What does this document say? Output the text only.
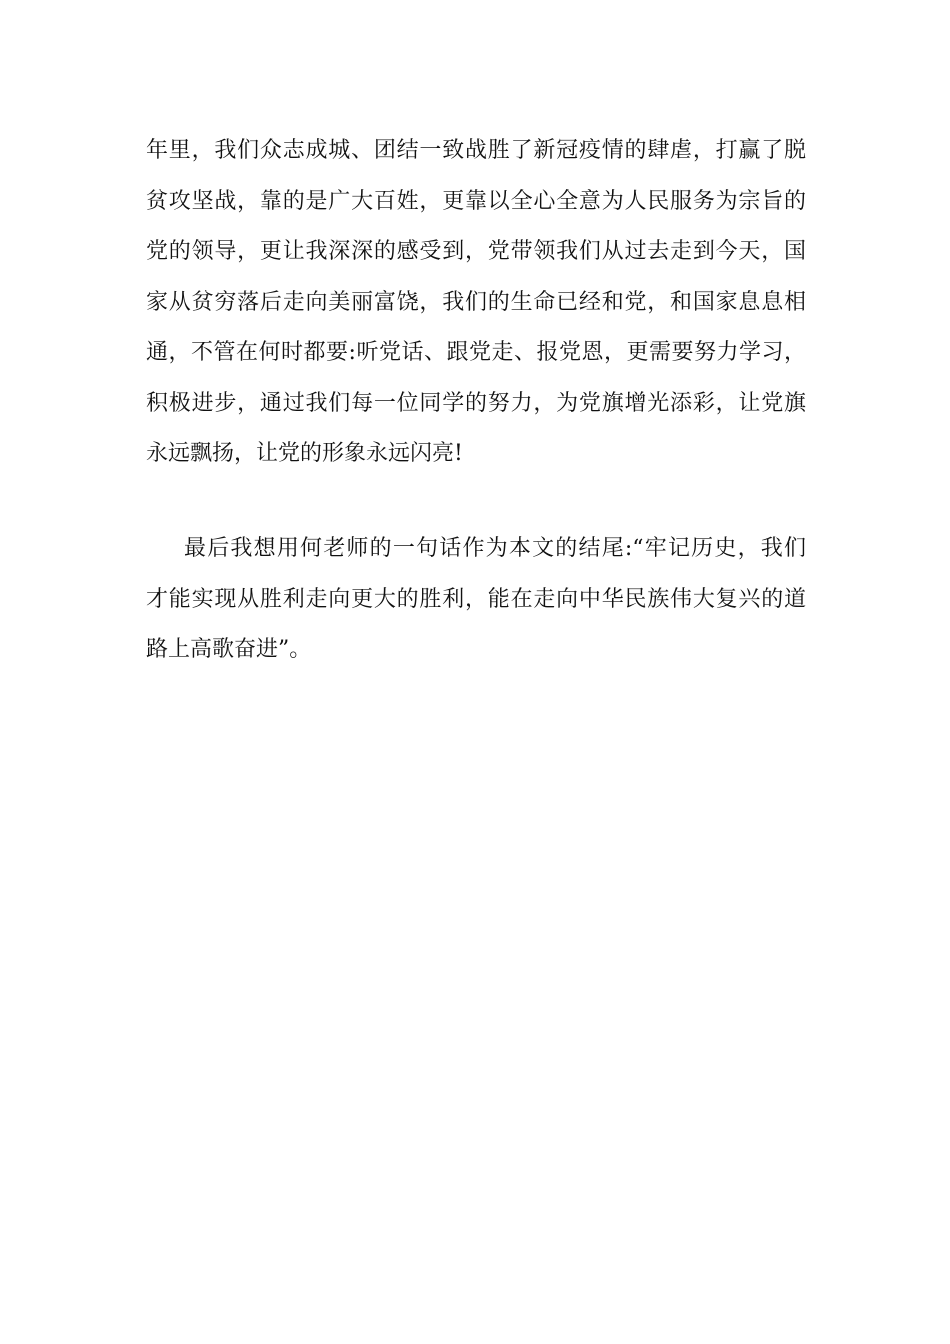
年里，我们众志成城、团结一致战胜了新冠疫情的肆虐，打赢了脱
贫攻坚战，靠的是广大百姓，更靠以全心全意为人民服务为宗旨的
党的领导，更让我深深的感受到，党带领我们从过去走到今天，国
家从贫穷落后走向美丽富饶，我们的生命已经和党，和国家息息相
通，不管在何时都要:听党话、跟党走、报党恩，更需要努力学习，
积极进步，通过我们每一位同学的努力，为党旗增光添彩，让党旗
永远飘扬，让党的形象永远闪亮!
最后我想用何老师的一句话作为本文的结尾:“牢记历史，我们
才能实现从胜利走向更大的胜利，能在走向中华民族伟大复兴的道
路上高歌奋进”。
